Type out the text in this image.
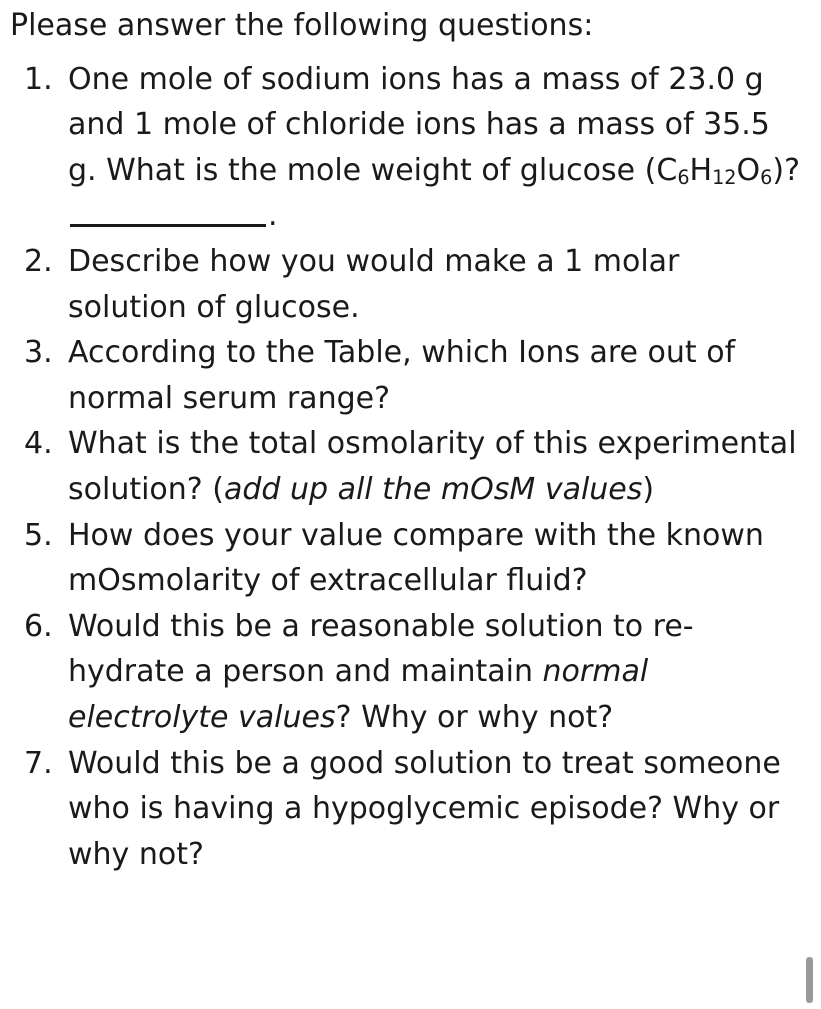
Please answer the following questions:

1. One mole of sodium ions has a mass of 23.0 g and 1 mole of chloride ions has a mass of 35.5 g. What is the mole weight of glucose $(C_6H_{12}O_6)$? .
2. Describe how you would make a 1 molar solution of glucose.
3. According to the Table, which Ions are out of normal serum range?
4. What is the total osmolarity of this experimental solution? (add up all the mOsM values)
5. How does your value compare with the known mOsmolarity of extracellular fluid?
6. Would this be a reasonable solution to re-hydrate a person and maintain normal electrolyte values? Why or why not?
7. Would this be a good solution to treat someone who is having a hypoglycemic episode? Why or why not?
